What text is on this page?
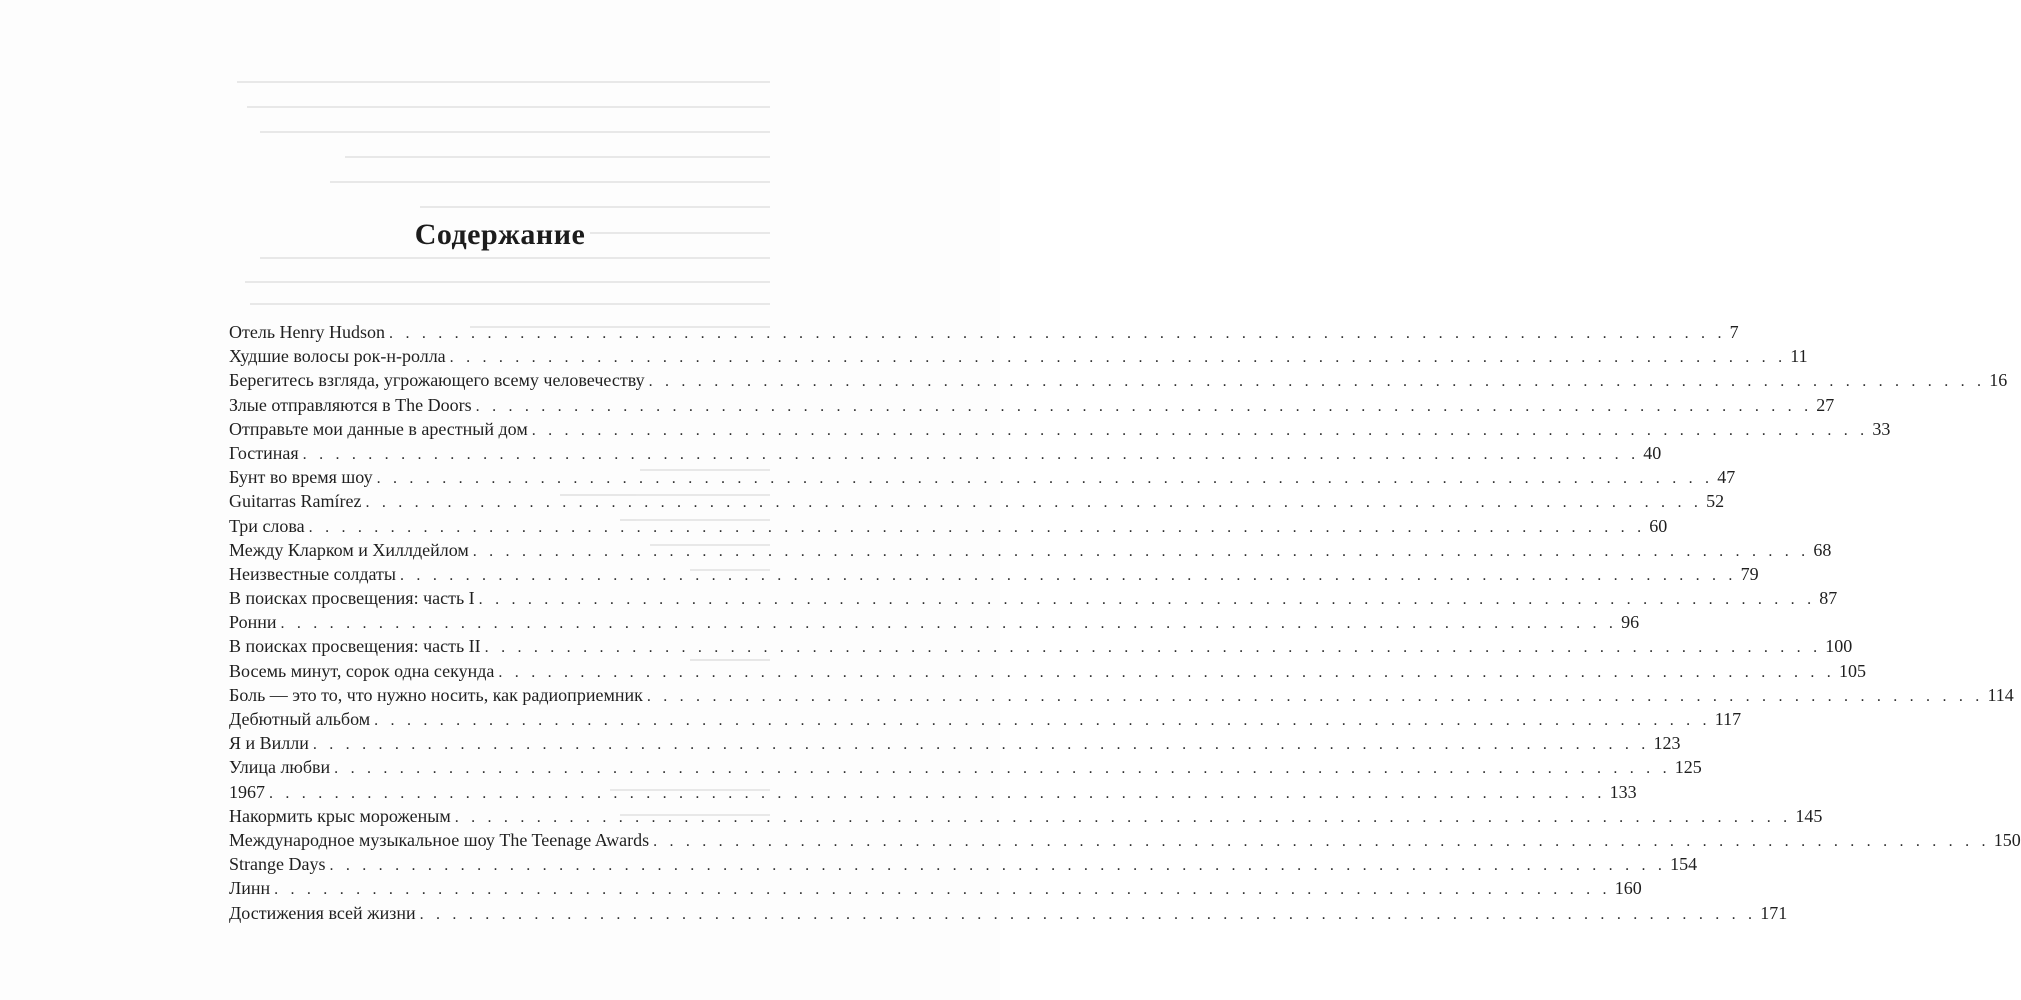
Содержание
Отель Henry Hudson . . . . . . . . . . . . . . . . . . . . . . . . . . . . . . . . . . . . . . . . . . . . . . . . . . . . . . . . . . . . . . . . . . . . . . . . . . . . . . . . . . 7
Худшие волосы рок-н-ролла . . . . . . . . . . . . . . . . . . . . . . . . . . . . . . . . . . . . . . . . . . . . . . . . . . . . . . . . . . . . . . . . . . . . . . . . . . . . . . . . . . 11
Берегитесь взгляда, угрожающего всему человечеству . . . . . . . . . . . . . . . . . . . . . . . . . . . . . . . . . . . . . . . . . . . . . . . . . . . . . . . . . . . . . . . . . . . . . . . . . . . . . . . . . . 16
Злые отправляются в The Doors . . . . . . . . . . . . . . . . . . . . . . . . . . . . . . . . . . . . . . . . . . . . . . . . . . . . . . . . . . . . . . . . . . . . . . . . . . . . . . . . . . 27
Отправьте мои данные в арестный дом . . . . . . . . . . . . . . . . . . . . . . . . . . . . . . . . . . . . . . . . . . . . . . . . . . . . . . . . . . . . . . . . . . . . . . . . . . . . . . . . . . 33
Гостиная . . . . . . . . . . . . . . . . . . . . . . . . . . . . . . . . . . . . . . . . . . . . . . . . . . . . . . . . . . . . . . . . . . . . . . . . . . . . . . . . . . 40
Бунт во время шоу . . . . . . . . . . . . . . . . . . . . . . . . . . . . . . . . . . . . . . . . . . . . . . . . . . . . . . . . . . . . . . . . . . . . . . . . . . . . . . . . . . 47
Guitarras Ramírez . . . . . . . . . . . . . . . . . . . . . . . . . . . . . . . . . . . . . . . . . . . . . . . . . . . . . . . . . . . . . . . . . . . . . . . . . . . . . . . . . . 52
Три слова . . . . . . . . . . . . . . . . . . . . . . . . . . . . . . . . . . . . . . . . . . . . . . . . . . . . . . . . . . . . . . . . . . . . . . . . . . . . . . . . . . 60
Между Кларком и Хиллдейлом . . . . . . . . . . . . . . . . . . . . . . . . . . . . . . . . . . . . . . . . . . . . . . . . . . . . . . . . . . . . . . . . . . . . . . . . . . . . . . . . . . 68
Неизвестные солдаты . . . . . . . . . . . . . . . . . . . . . . . . . . . . . . . . . . . . . . . . . . . . . . . . . . . . . . . . . . . . . . . . . . . . . . . . . . . . . . . . . . 79
В поисках просвещения: часть I . . . . . . . . . . . . . . . . . . . . . . . . . . . . . . . . . . . . . . . . . . . . . . . . . . . . . . . . . . . . . . . . . . . . . . . . . . . . . . . . . . 87
Ронни . . . . . . . . . . . . . . . . . . . . . . . . . . . . . . . . . . . . . . . . . . . . . . . . . . . . . . . . . . . . . . . . . . . . . . . . . . . . . . . . . . 96
В поисках просвещения: часть II . . . . . . . . . . . . . . . . . . . . . . . . . . . . . . . . . . . . . . . . . . . . . . . . . . . . . . . . . . . . . . . . . . . . . . . . . . . . . . . . . . 100
Восемь минут, сорок одна секунда . . . . . . . . . . . . . . . . . . . . . . . . . . . . . . . . . . . . . . . . . . . . . . . . . . . . . . . . . . . . . . . . . . . . . . . . . . . . . . . . . . 105
Боль — это то, что нужно носить, как радиоприемник . . . . . . . . . . . . . . . . . . . . . . . . . . . . . . . . . . . . . . . . . . . . . . . . . . . . . . . . . . . . . . . . . . . . . . . . . . . . . . . . . . 114
Дебютный альбом . . . . . . . . . . . . . . . . . . . . . . . . . . . . . . . . . . . . . . . . . . . . . . . . . . . . . . . . . . . . . . . . . . . . . . . . . . . . . . . . . . 117
Я и Вилли . . . . . . . . . . . . . . . . . . . . . . . . . . . . . . . . . . . . . . . . . . . . . . . . . . . . . . . . . . . . . . . . . . . . . . . . . . . . . . . . . . 123
Улица любви . . . . . . . . . . . . . . . . . . . . . . . . . . . . . . . . . . . . . . . . . . . . . . . . . . . . . . . . . . . . . . . . . . . . . . . . . . . . . . . . . . 125
1967 . . . . . . . . . . . . . . . . . . . . . . . . . . . . . . . . . . . . . . . . . . . . . . . . . . . . . . . . . . . . . . . . . . . . . . . . . . . . . . . . . . 133
Накормить крыс мороженым . . . . . . . . . . . . . . . . . . . . . . . . . . . . . . . . . . . . . . . . . . . . . . . . . . . . . . . . . . . . . . . . . . . . . . . . . . . . . . . . . . 145
Международное музыкальное шоу The Teenage Awards . . . . . . . . . . . . . . . . . . . . . . . . . . . . . . . . . . . . . . . . . . . . . . . . . . . . . . . . . . . . . . . . . . . . . . . . . . . . . . . . . . 150
Strange Days . . . . . . . . . . . . . . . . . . . . . . . . . . . . . . . . . . . . . . . . . . . . . . . . . . . . . . . . . . . . . . . . . . . . . . . . . . . . . . . . . . 154
Линн . . . . . . . . . . . . . . . . . . . . . . . . . . . . . . . . . . . . . . . . . . . . . . . . . . . . . . . . . . . . . . . . . . . . . . . . . . . . . . . . . . 160
Достижения всей жизни . . . . . . . . . . . . . . . . . . . . . . . . . . . . . . . . . . . . . . . . . . . . . . . . . . . . . . . . . . . . . . . . . . . . . . . . . . . . . . . . . . 171
